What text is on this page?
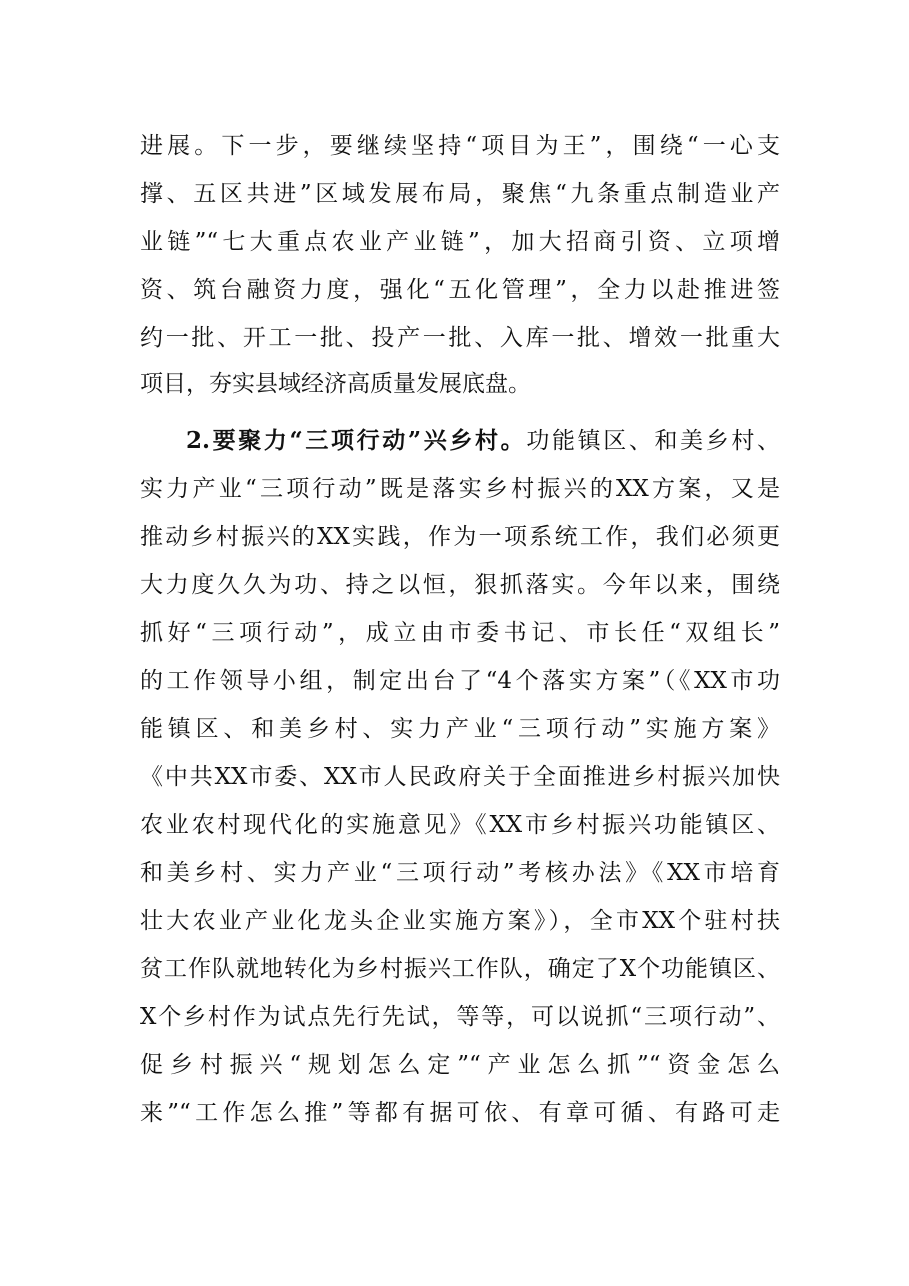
进展。下一步，要继续坚持“项目为王”，围绕“一心支
撑、五区共进”区域发展布局，聚焦“九条重点制造业产
业链”“七大重点农业产业链”，加大招商引资、立项增
资、筑台融资力度，强化“五化管理”，全力以赴推进签
约一批、开工一批、投产一批、入库一批、增效一批重大
项目，夯实县域经济高质量发展底盘。
2.要聚力“三项行动”兴乡村。功能镇区、和美乡村、
实力产业“三项行动”既是落实乡村振兴的XX方案，又是
推动乡村振兴的XX实践，作为一项系统工作，我们必须更
大力度久久为功、持之以恒，狠抓落实。今年以来，围绕
抓好“三项行动”，成立由市委书记、市长任“双组长”
的工作领导小组，制定出台了“4个落实方案”（《XX市功
能镇区、和美乡村、实力产业“三项行动”实施方案》
《中共XX市委、XX市人民政府关于全面推进乡村振兴加快
农业农村现代化的实施意见》《XX市乡村振兴功能镇区、
和美乡村、实力产业“三项行动”考核办法》《XX市培育
壮大农业产业化龙头企业实施方案》），全市XX个驻村扶
贫工作队就地转化为乡村振兴工作队，确定了X个功能镇区、
X个乡村作为试点先行先试，等等，可以说抓“三项行动”、
促乡村振兴“规划怎么定”“产业怎么抓”“资金怎么
来”“工作怎么推”等都有据可依、有章可循、有路可走
